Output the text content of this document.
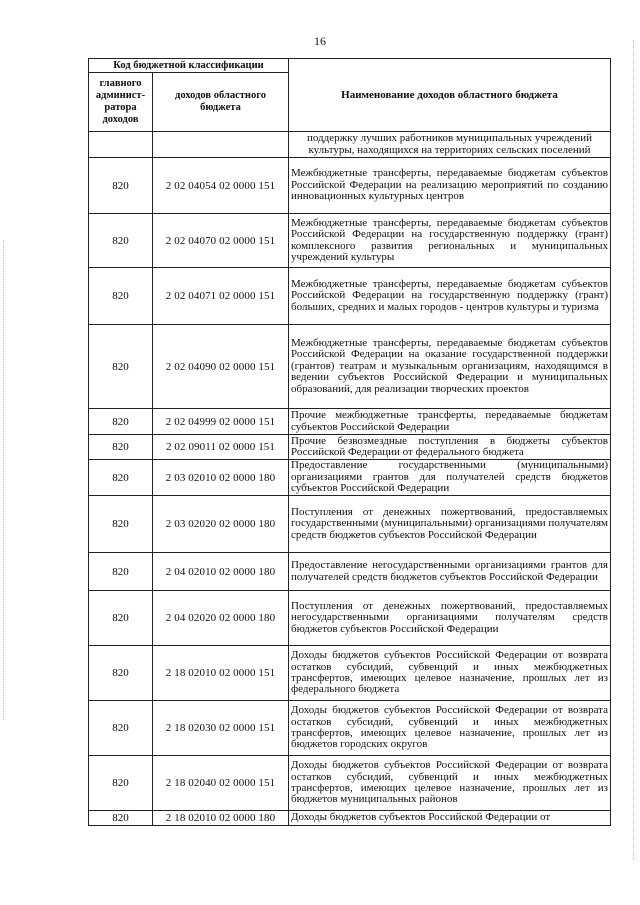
16
Код бюджетной классификации		Наименование доходов областного бюджета
главного админист-ратора доходов	доходов областного бюджета	
		поддержку лучших работников муниципальных учреждений культуры, находящихся на территориях сельских поселений
820	2 02 04054 02 0000 151	Межбюджетные трансферты, передаваемые бюджетам субъектов Российской Федерации на реализацию мероприятий по созданию инновационных культурных центров
820	2 02 04070 02 0000 151	Межбюджетные трансферты, передаваемые бюджетам субъектов Российской Федерации на государственную поддержку (грант) комплексного развития региональных и муниципальных учреждений культуры
820	2 02 04071 02 0000 151	Межбюджетные трансферты, передаваемые бюджетам субъектов Российской Федерации на государственную поддержку (грант) больших, средних и малых городов - центров культуры и туризма
820	2 02 04090 02 0000 151	Межбюджетные трансферты, передаваемые бюджетам субъектов Российской Федерации на оказание государственной поддержки (грантов) театрам и музыкальным организациям, находящимся в ведении субъектов Российской Федерации и муниципальных образований, для реализации творческих проектов
820	2 02 04999 02 0000 151	Прочие межбюджетные трансферты, передаваемые бюджетам субъектов Российской Федерации
820	2 02 09011 02 0000 151	Прочие безвозмездные поступления в бюджеты субъектов Российской Федерации от федерального бюджета
820	2 03 02010 02 0000 180	Предоставление государственными (муниципальными) организациями грантов для получателей средств бюджетов субъектов Российской Федерации
820	2 03 02020 02 0000 180	Поступления от денежных пожертвований, предоставляемых государственными (муниципальными) организациями получателям средств бюджетов субъектов Российской Федерации
820	2 04 02010 02 0000 180	Предоставление негосударственными организациями грантов для получателей средств бюджетов субъектов Российской Федерации
820	2 04 02020 02 0000 180	Поступления от денежных пожертвований, предоставляемых негосударственными организациями получателям средств бюджетов субъектов Российской Федерации
820	2 18 02010 02 0000 151	Доходы бюджетов субъектов Российской Федерации от возврата остатков субсидий, субвенций и иных межбюджетных трансфертов, имеющих целевое назначение, прошлых лет из федерального бюджета
820	2 18 02030 02 0000 151	Доходы бюджетов субъектов Российской Федерации от возврата остатков субсидий, субвенций и иных межбюджетных трансфертов, имеющих целевое назначение, прошлых лет из бюджетов городских округов
820	2 18 02040 02 0000 151	Доходы бюджетов субъектов Российской Федерации от возврата остатков субсидий, субвенций и иных межбюджетных трансфертов, имеющих целевое назначение, прошлых лет из бюджетов муниципальных районов
820	2 18 02010 02 0000 180	Доходы бюджетов субъектов Российской Федерации от
